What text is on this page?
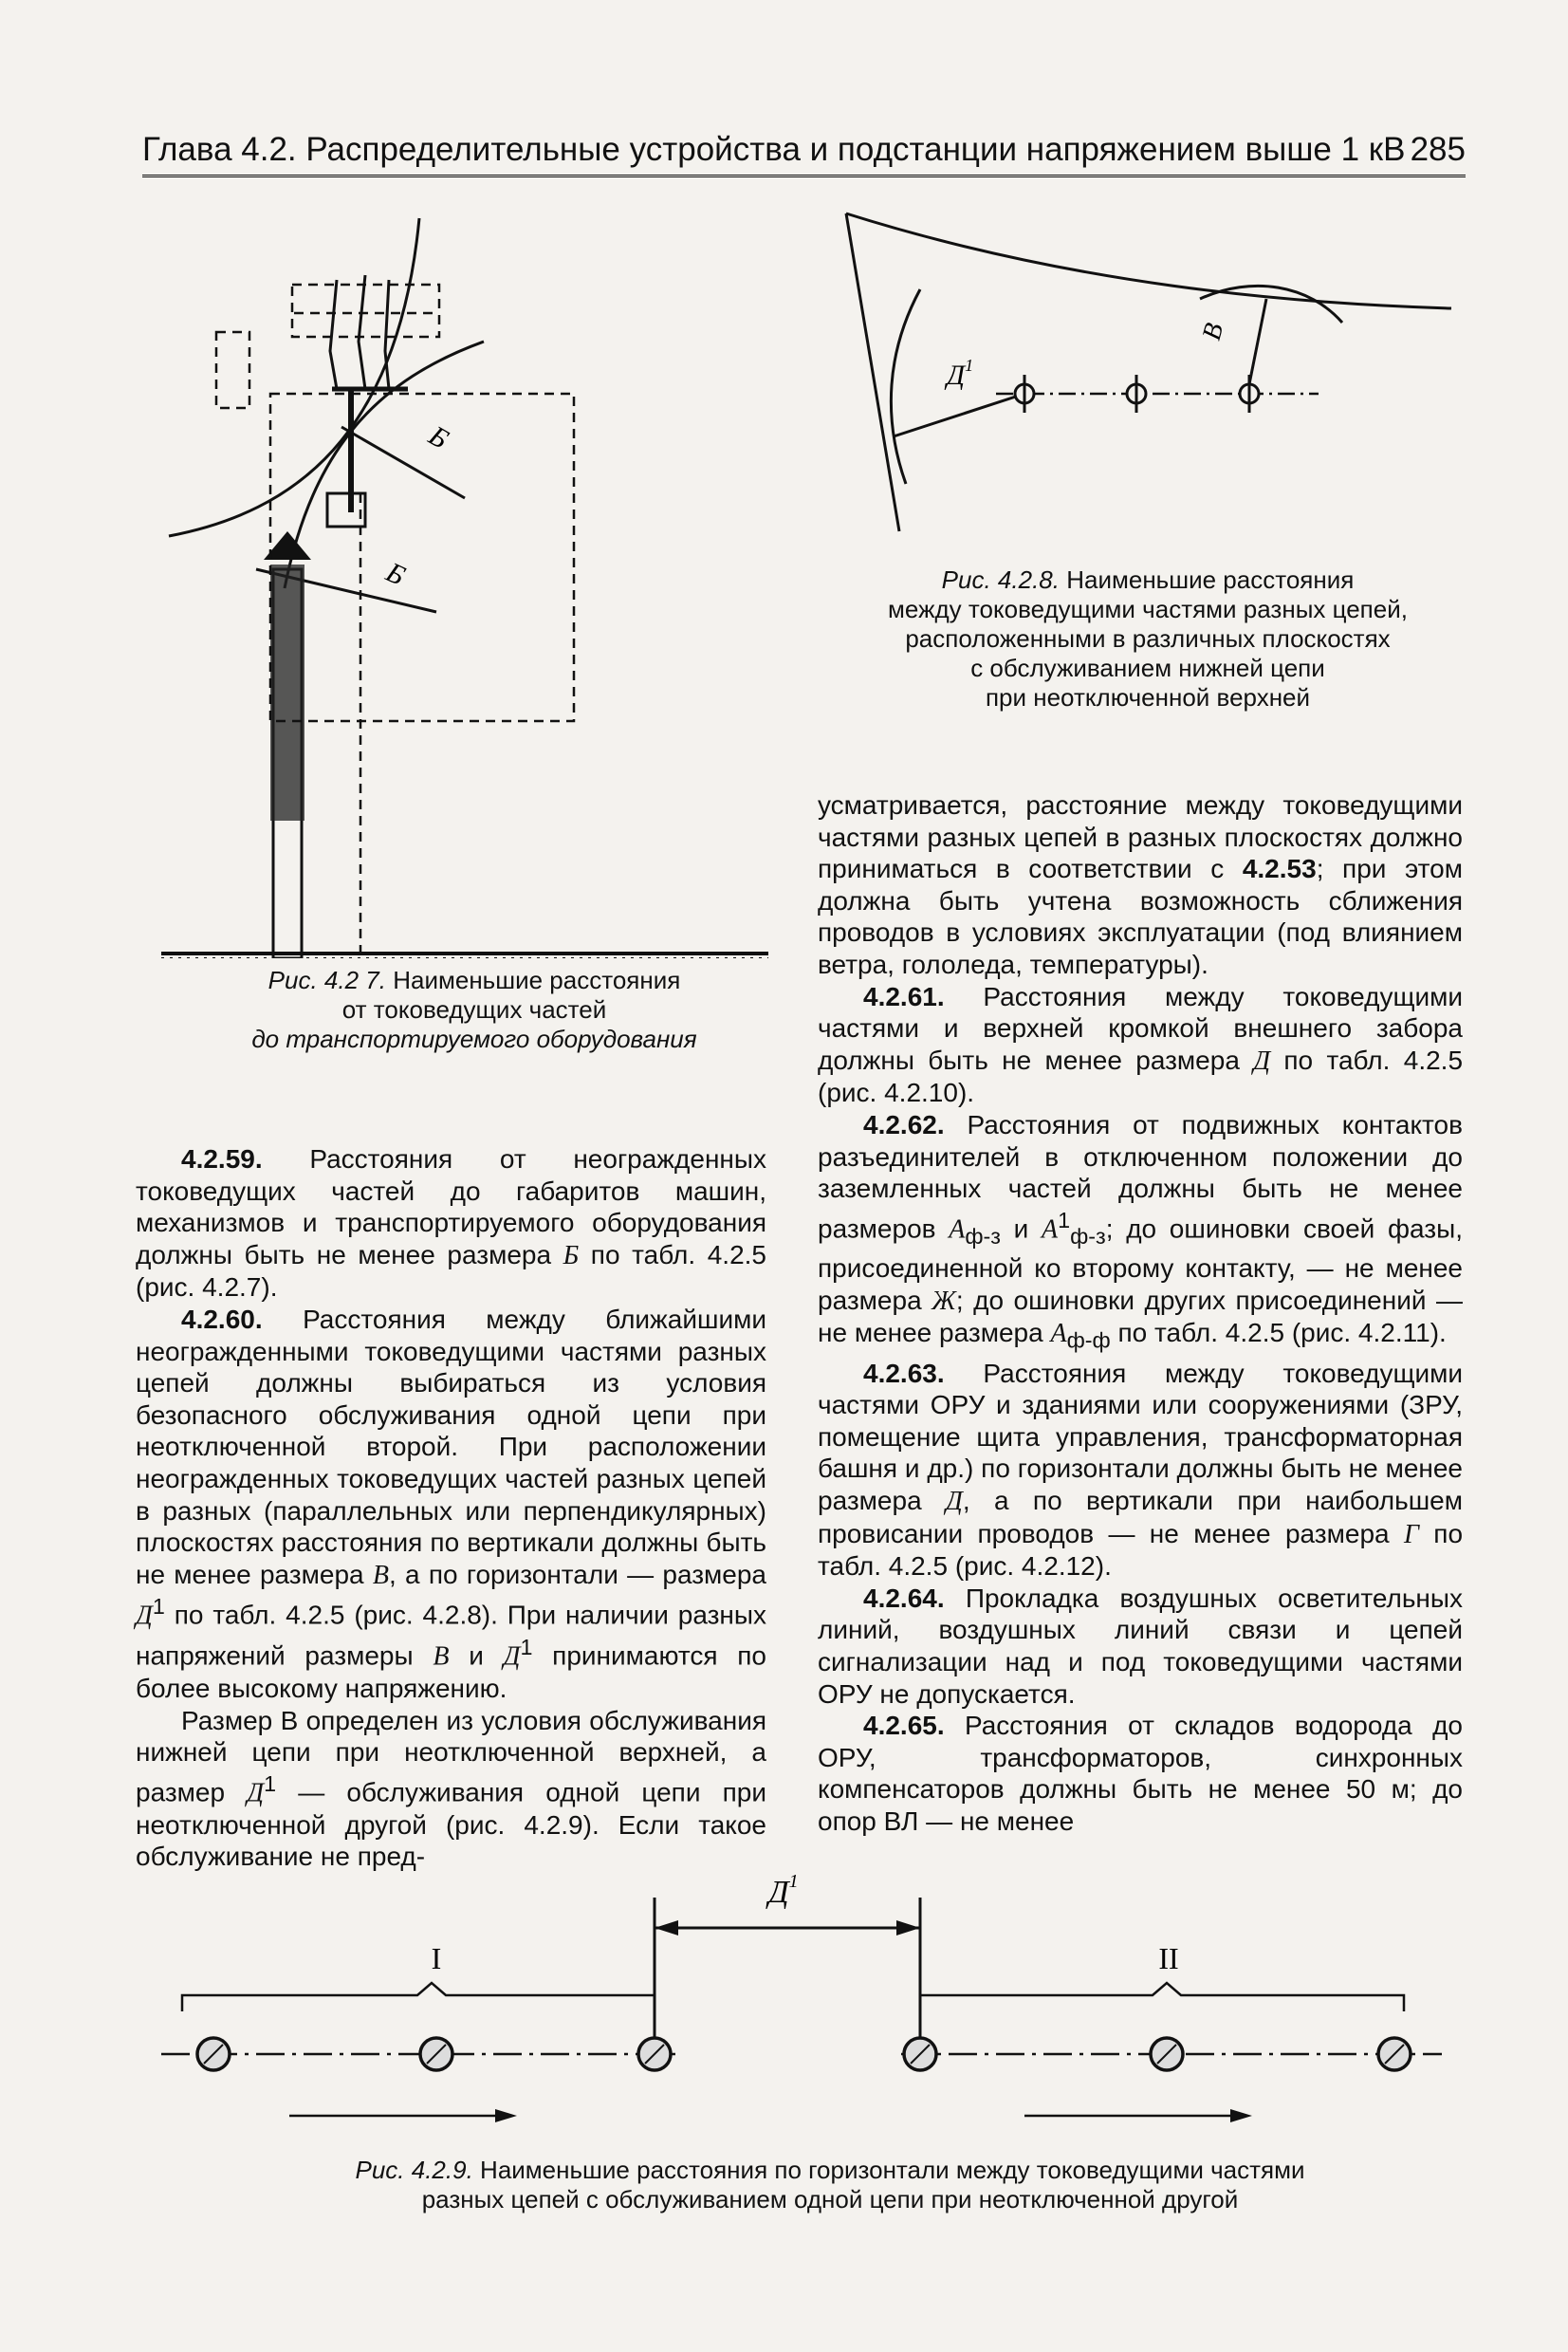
Глава 4.2. Распределительные устройства и подстанции напряжением выше 1 кВ 285
Б
Б
Рис. 4.2 7. Наименьшие расстояния
от токоведущих частей
до транспортируемого оборудования
$Д^1$
В
Рис. 4.2.8. Наименьшие расстояния
между токоведущими частями разных цепей,
расположенными в различных плоскостях
с обслуживанием нижней цепи
при неотключенной верхней

4.2.59. Расстояния от неогражденных токоведущих частей до габаритов машин, механизмов и транспортируемого оборудования должны быть не менее размера Б по табл. 4.2.5 (рис. 4.2.7).

4.2.60. Расстояния между ближайшими неогражденными токоведущими частями разных цепей должны выбираться из условия безопасного обслуживания одной цепи при неотключенной второй. При расположении неогражденных токоведущих частей разных цепей в разных (параллельных или перпендикулярных) плоскостях расстояния по вертикали должны быть не менее размера В, а по горизонтали — размера $Д^1$ по табл. 4.2.5 (рис. 4.2.8). При наличии разных напряжений размеры В и $Д^1$ принимаются по более высокому напряжению.

Размер В определен из условия обслуживания нижней цепи при неотключенной верхней, а размер $Д^1$ — обслуживания одной цепи при неотключенной другой (рис. 4.2.9). Если такое обслуживание не пред-

усматривается, расстояние между токоведущими частями разных цепей в разных плоскостях должно приниматься в соответствии с 4.2.53; при этом должна быть учтена возможность сближения проводов в условиях эксплуатации (под влиянием ветра, гололеда, температуры).

4.2.61. Расстояния между токоведущими частями и верхней кромкой внешнего забора должны быть не менее размера Д по табл. 4.2.5 (рис. 4.2.10).

4.2.62. Расстояния от подвижных контактов разъединителей в отключенном положении до заземленных частей должны быть не менее размеров $А_{ф-з}$ и $А^1_{ф-з}$; до ошиновки своей фазы, присоединенной ко второму контакту, — не менее размера Ж; до ошиновки других присоединений — не менее размера $А_{ф-ф}$ по табл. 4.2.5 (рис. 4.2.11).

4.2.63. Расстояния между токоведущими частями ОРУ и зданиями или сооружениями (ЗРУ, помещение щита управления, трансформаторная башня и др.) по горизонтали должны быть не менее размера Д, а по вертикали при наибольшем провисании проводов — не менее размера Г по табл. 4.2.5 (рис. 4.2.12).

4.2.64. Прокладка воздушных осветительных линий, воздушных линий связи и цепей сигнализации над и под токоведущими частями ОРУ не допускается.

4.2.65. Расстояния от складов водорода до ОРУ, трансформаторов, синхронных компенсаторов должны быть не менее 50 м; до опор ВЛ — не менее

$Д^1$
I	II
Рис. 4.2.9. Наименьшие расстояния по горизонтали между токоведущими частями
разных цепей с обслуживанием одной цепи при неотключенной другой
